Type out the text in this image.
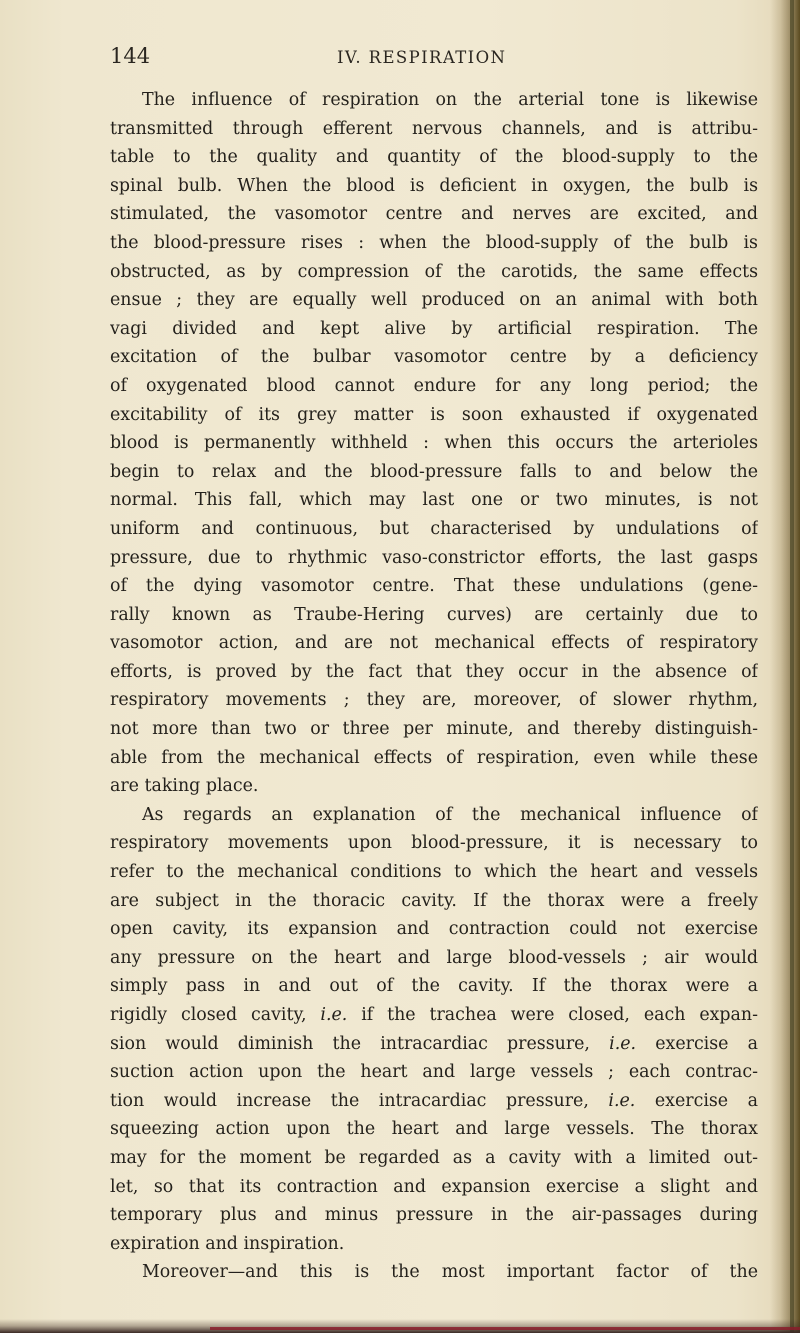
144	IV. RESPIRATION
The influence of respiration on the arterial tone is likewise
transmitted through efferent nervous channels, and is attribu-
table to the quality and quantity of the blood-supply to the
spinal bulb. When the blood is deficient in oxygen, the bulb is
stimulated, the vasomotor centre and nerves are excited, and
the blood-pressure rises : when the blood-supply of the bulb is
obstructed, as by compression of the carotids, the same effects
ensue ; they are equally well produced on an animal with both
vagi divided and kept alive by artificial respiration. The
excitation of the bulbar vasomotor centre by a deficiency
of oxygenated blood cannot endure for any long period; the
excitability of its grey matter is soon exhausted if oxygenated
blood is permanently withheld : when this occurs the arterioles
begin to relax and the blood-pressure falls to and below the
normal. This fall, which may last one or two minutes, is not
uniform and continuous, but characterised by undulations of
pressure, due to rhythmic vaso-constrictor efforts, the last gasps
of the dying vasomotor centre. That these undulations (gene-
rally known as Traube-Hering curves) are certainly due to
vasomotor action, and are not mechanical effects of respiratory
efforts, is proved by the fact that they occur in the absence of
respiratory movements ; they are, moreover, of slower rhythm,
not more than two or three per minute, and thereby distinguish-
able from the mechanical effects of respiration, even while these
are taking place.
As regards an explanation of the mechanical influence of
respiratory movements upon blood-pressure, it is necessary to
refer to the mechanical conditions to which the heart and vessels
are subject in the thoracic cavity. If the thorax were a freely
open cavity, its expansion and contraction could not exercise
any pressure on the heart and large blood-vessels ; air would
simply pass in and out of the cavity. If the thorax were a
rigidly closed cavity, i.e. if the trachea were closed, each expan-
sion would diminish the intracardiac pressure, i.e. exercise a
suction action upon the heart and large vessels ; each contrac-
tion would increase the intracardiac pressure, i.e. exercise a
squeezing action upon the heart and large vessels. The thorax
may for the moment be regarded as a cavity with a limited out-
let, so that its contraction and expansion exercise a slight and
temporary plus and minus pressure in the air-passages during
expiration and inspiration.
Moreover—and this is the most important factor of the
